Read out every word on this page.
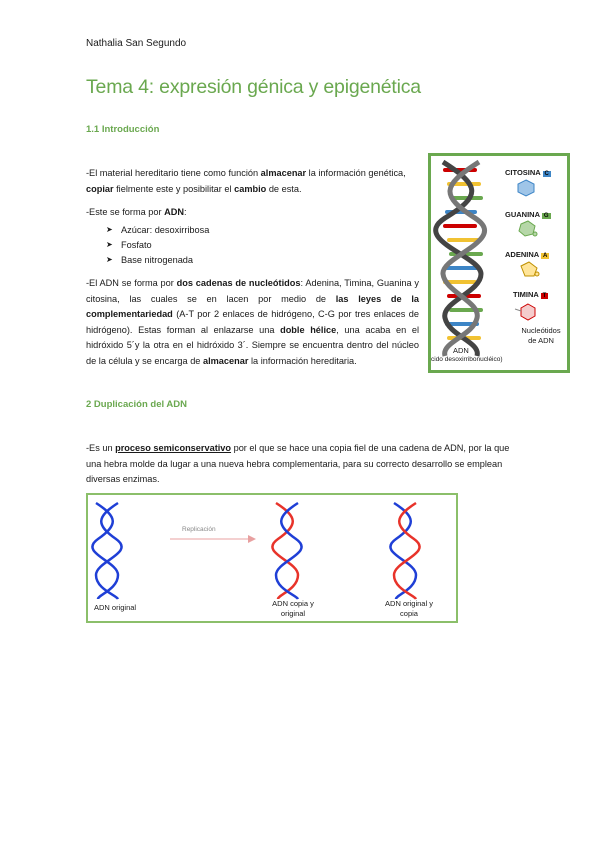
Nathalia San Segundo
Tema 4: expresión génica y epigenética
1.1 Introducción
-El material hereditario tiene como función almacenar la información genética, copiar fielmente este y posibilitar el cambio de esta.
-Este se forma por ADN:
➤ Azúcar: desoxirribosa
➤ Fosfato
➤ Base nitrogenada
-El ADN se forma por dos cadenas de nucleótidos: Adenina, Timina, Guanina y citosina, las cuales se en lacen por medio de las leyes de la complementariedad (A-T por 2 enlaces de hidrógeno, C-G por tres enlaces de hidrógeno). Estas forman al enlazarse una doble hélice, una acaba en el hidróxido 5´y la otra en el hidróxido 3´. Siempre se encuentra dentro del núcleo de la célula y se encarga de almacenar la información hereditaria.
CITOSINA C
GUANINA G
ADENINA A
TIMINA T
Nucleótidos de ADN
ADN
cido desoxirribonucléico)
2 Duplicación del ADN
-Es un proceso semiconservativo por el que se hace una copia fiel de una cadena de ADN, por la que una hebra molde da lugar a una nueva hebra complementaria, para su correcto desarrollo se emplean diversas enzimas.
Replicación
ADN original	ADN copia y
original
ADN original y
copia
